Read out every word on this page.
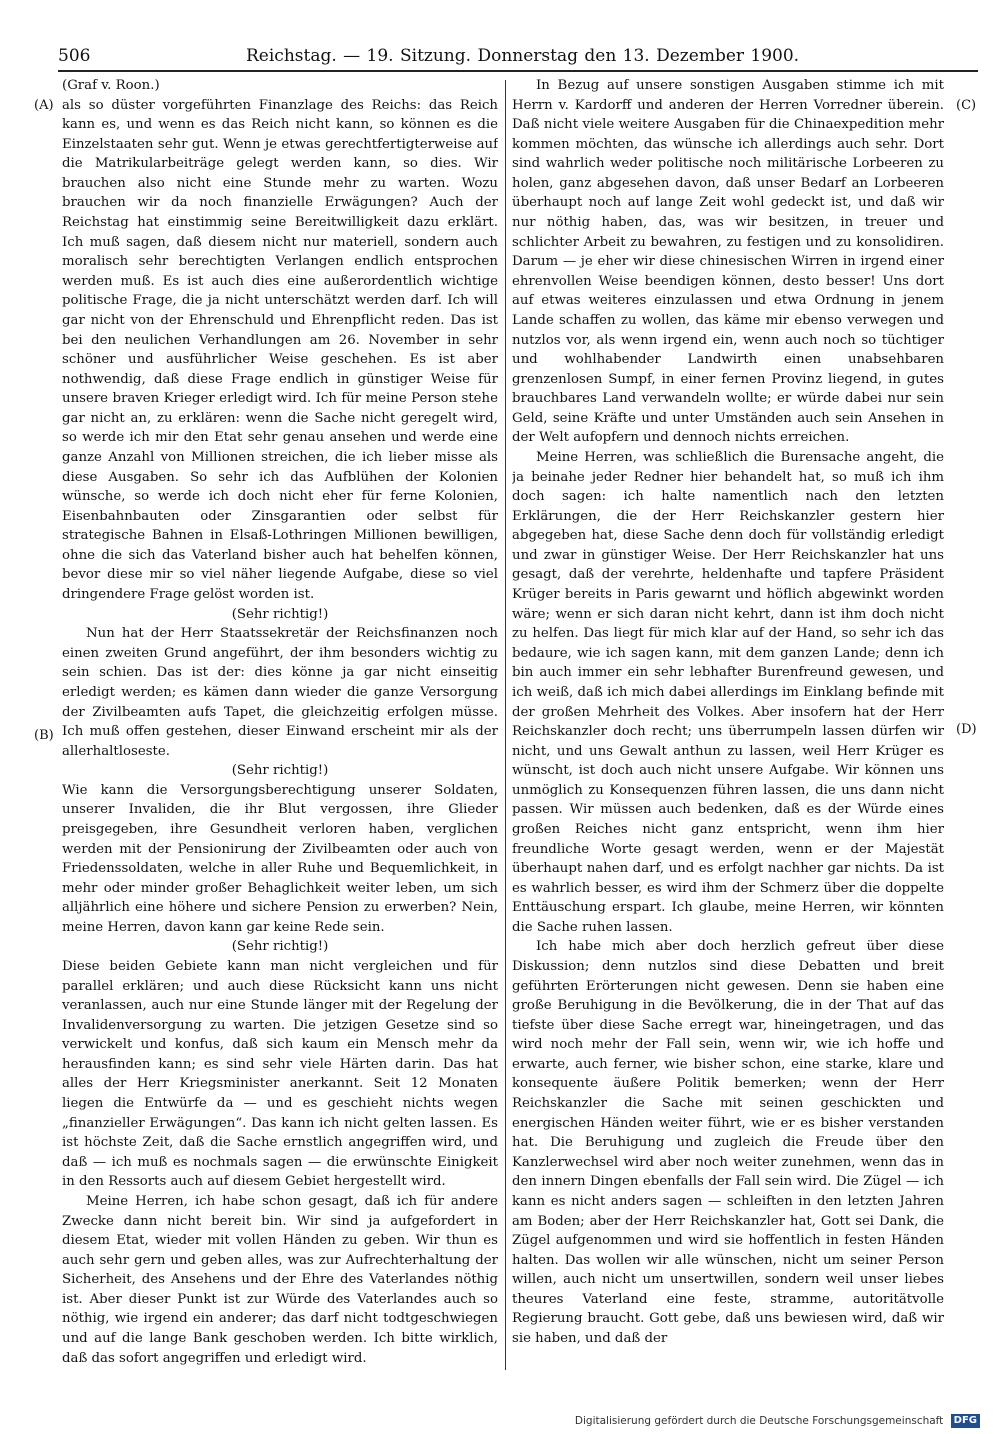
506	Reichstag. — 19. Sitzung. Donnerstag den 13. Dezember 1900.
(A)
(B)
(C)
(D)

(Graf v. Roon.)

als so düster vorgeführten Finanzlage des Reichs: das Reich kann es, und wenn es das Reich nicht kann, so können es die Einzelstaaten sehr gut. Wenn je etwas gerechtfertigterweise auf die Matrikularbeiträge gelegt werden kann, so dies. Wir brauchen also nicht eine Stunde mehr zu warten. Wozu brauchen wir da noch finanzielle Erwägungen? Auch der Reichstag hat einstimmig seine Bereitwilligkeit dazu erklärt. Ich muß sagen, daß diesem nicht nur materiell, sondern auch moralisch sehr berechtigten Verlangen endlich entsprochen werden muß. Es ist auch dies eine außerordentlich wichtige politische Frage, die ja nicht unterschätzt werden darf. Ich will gar nicht von der Ehrenschuld und Ehrenpflicht reden. Das ist bei den neulichen Verhandlungen am 26. November in sehr schöner und ausführlicher Weise geschehen. Es ist aber nothwendig, daß diese Frage endlich in günstiger Weise für unsere braven Krieger erledigt wird. Ich für meine Person stehe gar nicht an, zu erklären: wenn die Sache nicht geregelt wird, so werde ich mir den Etat sehr genau ansehen und werde eine ganze Anzahl von Millionen streichen, die ich lieber misse als diese Ausgaben. So sehr ich das Aufblühen der Kolonien wünsche, so werde ich doch nicht eher für ferne Kolonien, Eisenbahnbauten oder Zinsgarantien oder selbst für strategische Bahnen in Elsaß-Lothringen Millionen bewilligen, ohne die sich das Vaterland bisher auch hat behelfen können, bevor diese mir so viel näher liegende Aufgabe, diese so viel dringendere Frage gelöst worden ist.

(Sehr richtig!)

Nun hat der Herr Staatssekretär der Reichsfinanzen noch einen zweiten Grund angeführt, der ihm besonders wichtig zu sein schien. Das ist der: dies könne ja gar nicht einseitig erledigt werden; es kämen dann wieder die ganze Versorgung der Zivilbeamten aufs Tapet, die gleichzeitig erfolgen müsse. Ich muß offen gestehen, dieser Einwand erscheint mir als der allerhaltloseste.

(Sehr richtig!)

Wie kann die Versorgungsberechtigung unserer Soldaten, unserer Invaliden, die ihr Blut vergossen, ihre Glieder preisgegeben, ihre Gesundheit verloren haben, verglichen werden mit der Pensionirung der Zivilbeamten oder auch von Friedenssoldaten, welche in aller Ruhe und Bequemlichkeit, in mehr oder minder großer Behaglichkeit weiter leben, um sich alljährlich eine höhere und sichere Pension zu erwerben? Nein, meine Herren, davon kann gar keine Rede sein.

(Sehr richtig!)

Diese beiden Gebiete kann man nicht vergleichen und für parallel erklären; und auch diese Rücksicht kann uns nicht veranlassen, auch nur eine Stunde länger mit der Regelung der Invalidenversorgung zu warten. Die jetzigen Gesetze sind so verwickelt und konfus, daß sich kaum ein Mensch mehr da herausfinden kann; es sind sehr viele Härten darin. Das hat alles der Herr Kriegsminister anerkannt. Seit 12 Monaten liegen die Entwürfe da — und es geschieht nichts wegen „finanzieller Erwägungen“. Das kann ich nicht gelten lassen. Es ist höchste Zeit, daß die Sache ernstlich angegriffen wird, und daß — ich muß es nochmals sagen — die erwünschte Einigkeit in den Ressorts auch auf diesem Gebiet hergestellt wird.

Meine Herren, ich habe schon gesagt, daß ich für andere Zwecke dann nicht bereit bin. Wir sind ja aufgefordert in diesem Etat, wieder mit vollen Händen zu geben. Wir thun es auch sehr gern und geben alles, was zur Aufrechterhaltung der Sicherheit, des Ansehens und der Ehre des Vaterlandes nöthig ist. Aber dieser Punkt ist zur Würde des Vaterlandes auch so nöthig, wie irgend ein anderer; das darf nicht todtgeschwiegen und auf die lange Bank geschoben werden. Ich bitte wirklich, daß das sofort angegriffen und erledigt wird.

In Bezug auf unsere sonstigen Ausgaben stimme ich mit Herrn v. Kardorff und anderen der Herren Vorredner überein. Daß nicht viele weitere Ausgaben für die Chinaexpedition mehr kommen möchten, das wünsche ich allerdings auch sehr. Dort sind wahrlich weder politische noch militärische Lorbeeren zu holen, ganz abgesehen davon, daß unser Bedarf an Lorbeeren überhaupt noch auf lange Zeit wohl gedeckt ist, und daß wir nur nöthig haben, das, was wir besitzen, in treuer und schlichter Arbeit zu bewahren, zu festigen und zu konsolidiren. Darum — je eher wir diese chinesischen Wirren in irgend einer ehrenvollen Weise beendigen können, desto besser! Uns dort auf etwas weiteres einzulassen und etwa Ordnung in jenem Lande schaffen zu wollen, das käme mir ebenso verwegen und nutzlos vor, als wenn irgend ein, wenn auch noch so tüchtiger und wohlhabender Landwirth einen unabsehbaren grenzenlosen Sumpf, in einer fernen Provinz liegend, in gutes brauchbares Land verwandeln wollte; er würde dabei nur sein Geld, seine Kräfte und unter Umständen auch sein Ansehen in der Welt aufopfern und dennoch nichts erreichen.

Meine Herren, was schließlich die Burensache angeht, die ja beinahe jeder Redner hier behandelt hat, so muß ich ihm doch sagen: ich halte namentlich nach den letzten Erklärungen, die der Herr Reichskanzler gestern hier abgegeben hat, diese Sache denn doch für vollständig erledigt und zwar in günstiger Weise. Der Herr Reichskanzler hat uns gesagt, daß der verehrte, heldenhafte und tapfere Präsident Krüger bereits in Paris gewarnt und höflich abgewinkt worden wäre; wenn er sich daran nicht kehrt, dann ist ihm doch nicht zu helfen. Das liegt für mich klar auf der Hand, so sehr ich das bedaure, wie ich sagen kann, mit dem ganzen Lande; denn ich bin auch immer ein sehr lebhafter Burenfreund gewesen, und ich weiß, daß ich mich dabei allerdings im Einklang befinde mit der großen Mehrheit des Volkes. Aber insofern hat der Herr Reichskanzler doch recht; uns überrumpeln lassen dürfen wir nicht, und uns Gewalt anthun zu lassen, weil Herr Krüger es wünscht, ist doch auch nicht unsere Aufgabe. Wir können uns unmöglich zu Konsequenzen führen lassen, die uns dann nicht passen. Wir müssen auch bedenken, daß es der Würde eines großen Reiches nicht ganz entspricht, wenn ihm hier freundliche Worte gesagt werden, wenn er der Majestät überhaupt nahen darf, und es erfolgt nachher gar nichts. Da ist es wahrlich besser, es wird ihm der Schmerz über die doppelte Enttäuschung erspart. Ich glaube, meine Herren, wir könnten die Sache ruhen lassen.

Ich habe mich aber doch herzlich gefreut über diese Diskussion; denn nutzlos sind diese Debatten und breit geführten Erörterungen nicht gewesen. Denn sie haben eine große Beruhigung in die Bevölkerung, die in der That auf das tiefste über diese Sache erregt war, hineingetragen, und das wird noch mehr der Fall sein, wenn wir, wie ich hoffe und erwarte, auch ferner, wie bisher schon, eine starke, klare und konsequente äußere Politik bemerken; wenn der Herr Reichskanzler die Sache mit seinen geschickten und energischen Händen weiter führt, wie er es bisher verstanden hat. Die Beruhigung und zugleich die Freude über den Kanzlerwechsel wird aber noch weiter zunehmen, wenn das in den innern Dingen ebenfalls der Fall sein wird. Die Zügel — ich kann es nicht anders sagen — schleiften in den letzten Jahren am Boden; aber der Herr Reichskanzler hat, Gott sei Dank, die Zügel aufgenommen und wird sie hoffentlich in festen Händen halten. Das wollen wir alle wünschen, nicht um seiner Person willen, auch nicht um unsertwillen, sondern weil unser liebes theures Vaterland eine feste, stramme, autoritätvolle Regierung braucht. Gott gebe, daß uns bewiesen wird, daß wir sie haben, und daß der

Digitalisierung gefördert durch die Deutsche Forschungsgemeinschaft DFG
